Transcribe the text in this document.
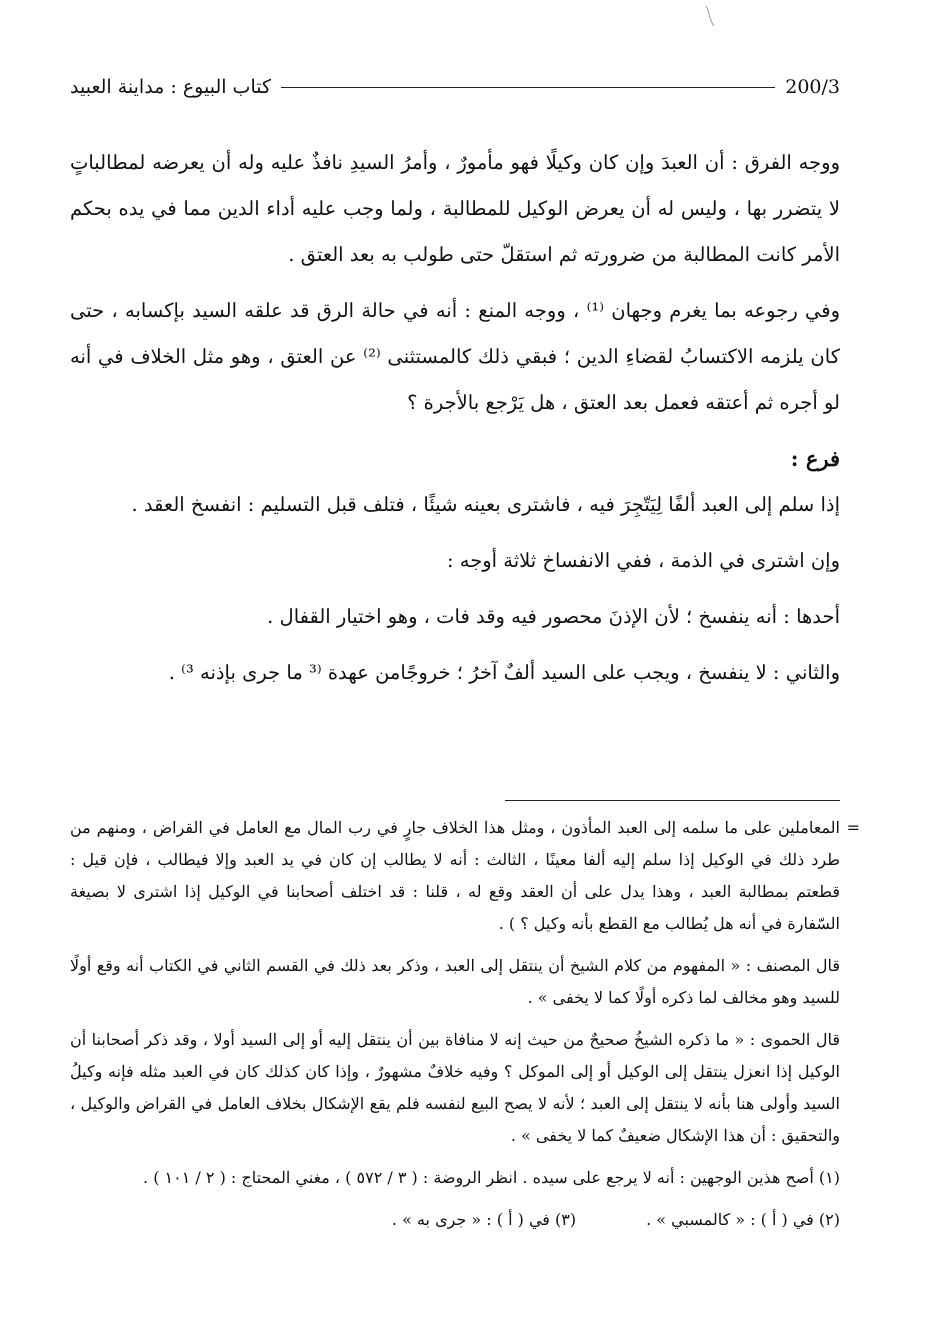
200/3
كتاب البيوع : مداينة العبيد

ووجه الفرق : أن العبدَ وإن كان وكيلًا فهو مأمورٌ ، وأمرُ السيدِ نافذٌ عليه وله أن يعرضه لمطالباتٍ لا يتضرر بها ، وليس له أن يعرض الوكيل للمطالبة ، ولما وجب عليه أداء الدين مما في يده بحكم الأمر كانت المطالبة من ضرورته ثم استقلّ حتى طولب به بعد العتق .

وفي رجوعه بما يغرم وجهان ⁽¹⁾ ، ووجه المنع : أنه في حالة الرق قد علقه السيد بإكسابه ، حتى كان يلزمه الاكتسابُ لقضاءِ الدين ؛ فبقي ذلك كالمستثنى ⁽²⁾ عن العتق ، وهو مثل الخلاف في أنه لو أجره ثم أعتقه فعمل بعد العتق ، هل يَرْجع بالأجرة ؟

فرع :

إذا سلم إلى العبد ألفًا لِيَتّجِرَ فيه ، فاشترى بعينه شيئًا ، فتلف قبل التسليم : انفسخ العقد .

وإن اشترى في الذمة ، ففي الانفساخ ثلاثة أوجه :

أحدها : أنه ينفسخ ؛ لأن الإذنَ محصور فيه وقد فات ، وهو اختيار القفال .

والثاني : لا ينفسخ ، ويجب على السيد ألفٌ آخرُ ؛ خروجًامن عهدة ⁽³ ما جرى بإذنه ³⁾ .

=

المعاملين على ما سلمه إلى العبد المأذون ، ومثل هذا الخلاف جارٍ في رب المال مع العامل في القراض ، ومنهم من طرد ذلك في الوكيل إذا سلم إليه ألفا معينًا ، الثالث : أنه لا يطالب إن كان في يد العبد وإلا فيطالب ، فإن قيل : قطعتم بمطالبة العبد ، وهذا يدل على أن العقد وقع له ، قلنا : قد اختلف أصحابنا في الوكيل إذا اشترى لا بصيغة السّفارة في أنه هل يُطالب مع القطع بأنه وكيل ؟ ) .

قال المصنف : « المفهوم من كلام الشيخ أن ينتقل إلى العبد ، وذكر بعد ذلك في القسم الثاني في الكتاب أنه وقع أولًا للسيد وهو مخالف لما ذكره أولًا كما لا يخفى » .

قال الحموى : « ما ذكره الشيخُ صحيحٌ من حيث إنه لا منافاة بين أن ينتقل إليه أو إلى السيد أولا ، وقد ذكر أصحابنا أن الوكيل إذا انعزل ينتقل إلى الوكيل أو إلى الموكل ؟ وفيه خلافٌ مشهورٌ ، وإذا كان كذلك كان في العبد مثله فإنه وكيلُ السيد وأولى هنا بأنه لا ينتقل إلى العبد ؛ لأنه لا يصح البيع لنفسه فلم يقع الإشكال بخلاف العامل في القراض والوكيل ، والتحقيق : أن هذا الإشكال ضعيفٌ كما لا يخفى » .

(١) أصح هذين الوجهين : أنه لا يرجع على سيده . انظر الروضة : ( ٣ / ٥٧٢ ) ، مغني المحتاج : ( ٢ / ١٠١ ) .

(٢) في ( أ ) : « كالمسبي » .
(٣) في ( أ ) : « جرى به » .
